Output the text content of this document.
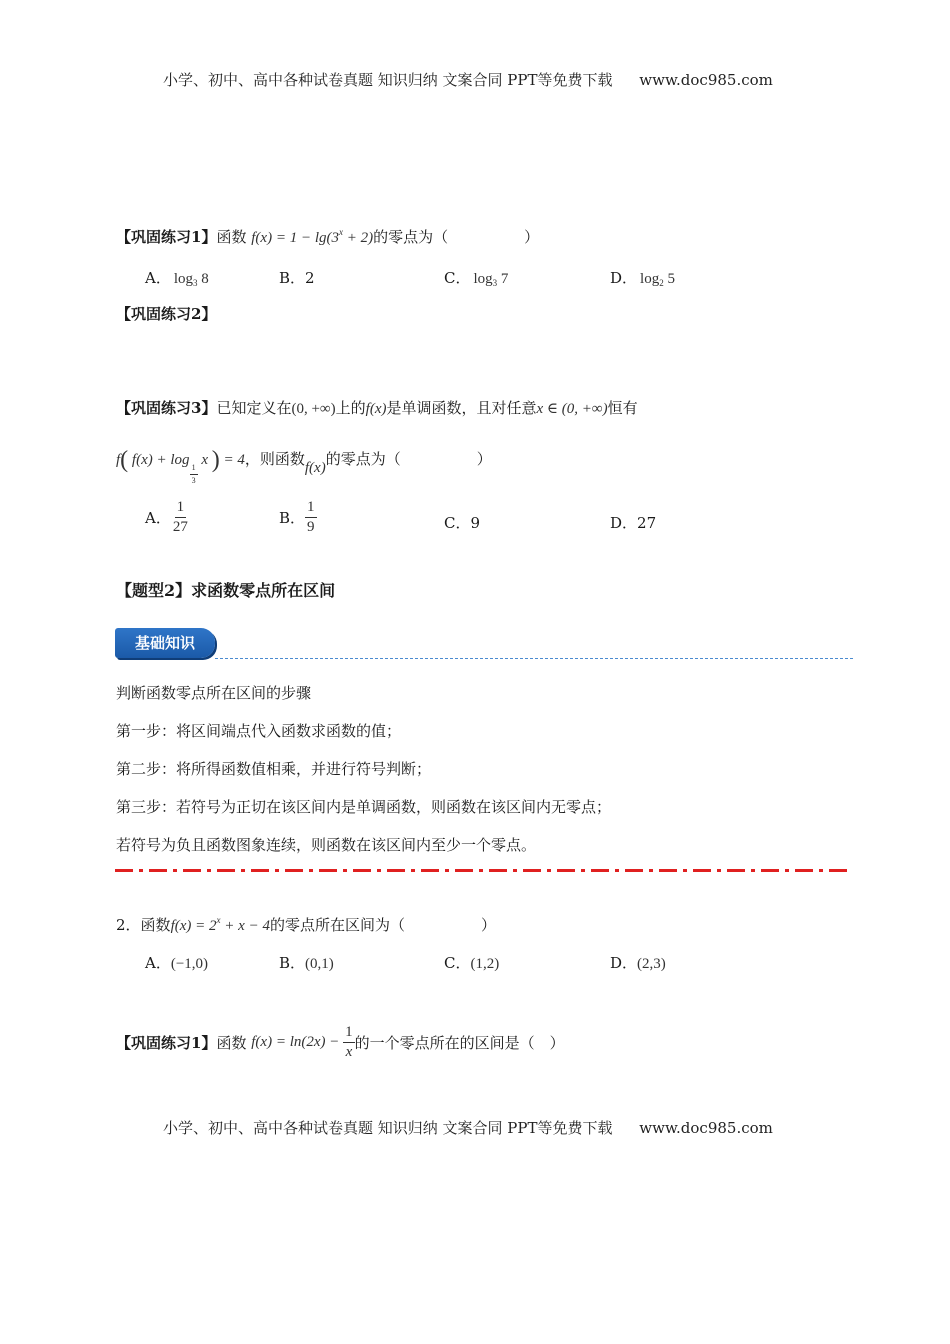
小学、初中、高中各种试卷真题 知识归纳 文案合同 PPT等免费下载 www.doc985.com
【巩固练习1】函数 $f(x) = 1 - \lg(3^x + 2)$的零点为（	）
A． $\log_3 8$	B．2	C． $\log_3 7$	D． $\log_2 5$
【巩固练习2】
【巩固练习3】已知定义在(0, +∞)上的f(x)是单调函数，且对任意x ∈ (0, +∞)恒有
f( f(x) + log
$\frac{1}{3}$
x ) = 4，则函数f(x)的零点为（	）
A． $\frac{1}{27}$	B． $\frac{1}{9}$	C．9	D．27
【题型2】求函数零点所在区间
基础知识
判断函数零点所在区间的步骤
第一步：将区间端点代入函数求函数的值；
第二步：将所得函数值相乘，并进行符号判断；
第三步：若符号为正切在该区间内是单调函数，则函数在该区间内无零点；
若符号为负且函数图象连续，则函数在该区间内至少一个零点。
2．函数$f(x) = 2^x + x - 4$的零点所在区间为（	）
A．(−1,0)	B．(0,1)	C．(1,2)	D．(2,3)
【巩固练习1】函数 $f(x) = \ln(2x) - \frac{1}{x}$ 的一个零点所在的区间是（　）
小学、初中、高中各种试卷真题 知识归纳 文案合同 PPT等免费下载 www.doc985.com
